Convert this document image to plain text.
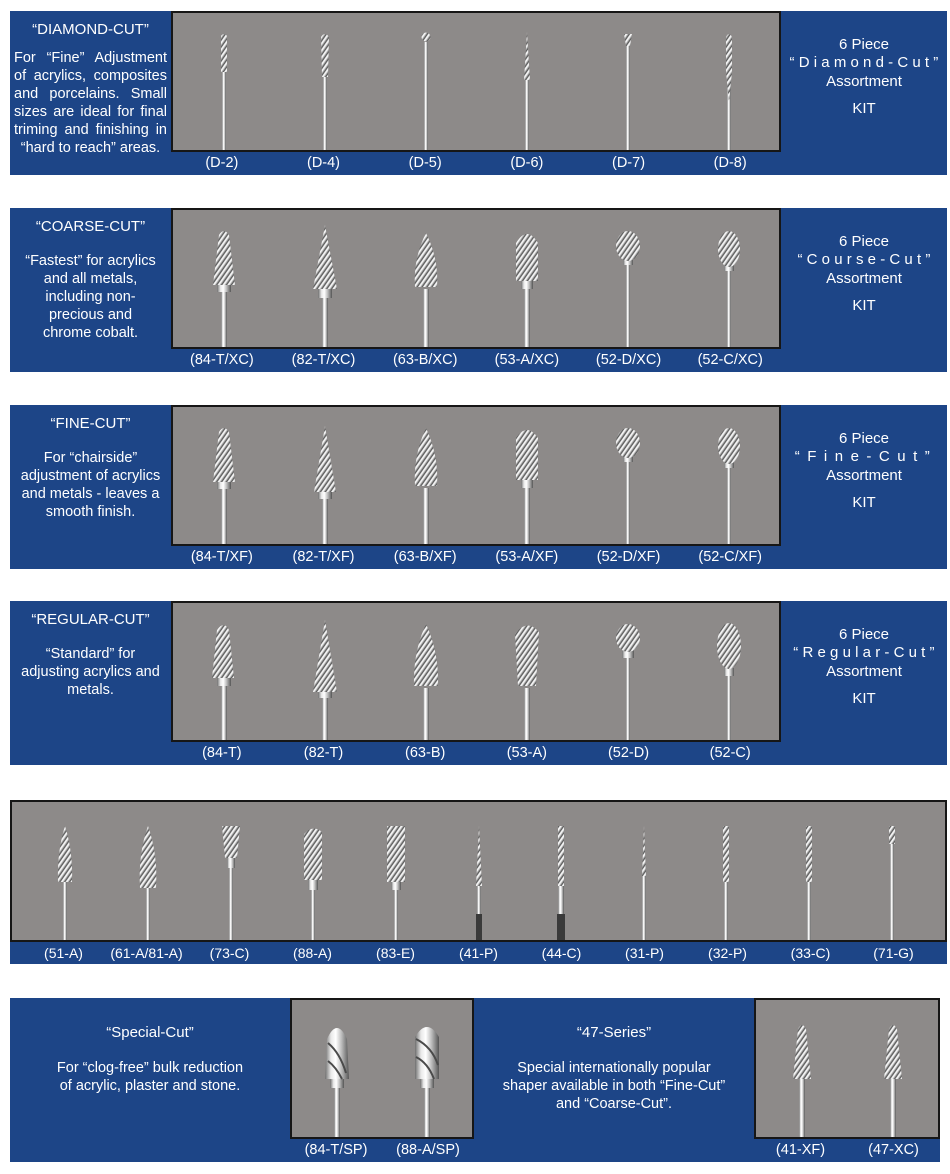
“DIAMOND-CUT”
For “Fine” Adjustment of acrylics, composites and porcelains. Small sizes are ideal for final triming and finishing in “hard to reach” areas.
(D-2)	(D-4)	(D-5)	(D-6)	(D-7)	(D-8)
6 Piece
“Diamond-Cut”
Assortment
KIT
“COARSE-CUT”
“Fastest” for acrylics and all metals, including non-precious and chrome cobalt.
(84-T/XC)	(82-T/XC)	(63-B/XC)	(53-A/XC)	(52-D/XC)	(52-C/XC)
6 Piece
“Course-Cut”
Assortment
KIT
“FINE-CUT”
For “chairside” adjustment of acrylics and metals - leaves a smooth finish.
(84-T/XF)	(82-T/XF)	(63-B/XF)	(53-A/XF)	(52-D/XF)	(52-C/XF)
6 Piece
“Fine-Cut”
Assortment
KIT
“REGULAR-CUT”
“Standard” for adjusting acrylics and metals.
(84-T)	(82-T)	(63-B)	(53-A)	(52-D)	(52-C)
6 Piece
“Regular-Cut”
Assortment
KIT
(51-A)	(61-A/81-A)	(73-C)	(88-A)	(83-E)	(41-P)	(44-C)	(31-P)	(32-P)	(33-C)	(71-G)
“Special-Cut”
For “clog-free” bulk reduction of acrylic, plaster and stone.
(84-T/SP)	(88-A/SP)
“47-Series”
Special internationally popular shaper available in both “Fine-Cut” and “Coarse-Cut”.
(41-XF)	(47-XC)
